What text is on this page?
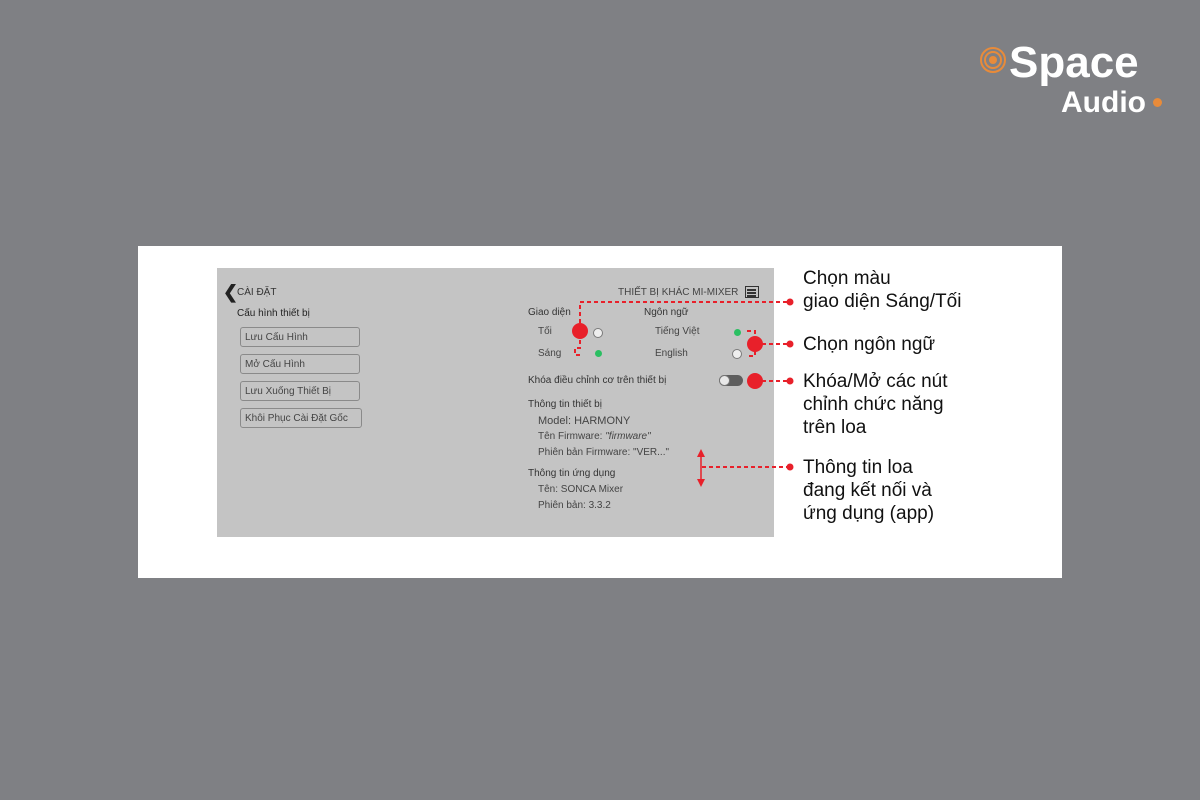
Space
Audio
❮
CÀI ĐẶT	THIẾT BỊ KHÁC MI-MIXER
Cấu hình thiết bị
Lưu Cấu Hình
Mở Cấu Hình
Lưu Xuống Thiết Bị
Khôi Phục Cài Đặt Gốc
Giao diện
Tối
Sáng
Ngôn ngữ
Tiếng Việt
English
Khóa điều chỉnh cơ trên thiết bị
Thông tin thiết bị
Model: HARMONY
Tên Firmware: "firmware"
Phiên bản Firmware: "VER..."
Thông tin ứng dụng
Tên: SONCA Mixer
Phiên bản: 3.3.2
Chọn màu
giao diện Sáng/Tối
Chọn ngôn ngữ
Khóa/Mở các nút
chỉnh chức năng
trên loa
Thông tin loa
đang kết nối và
ứng dụng (app)
